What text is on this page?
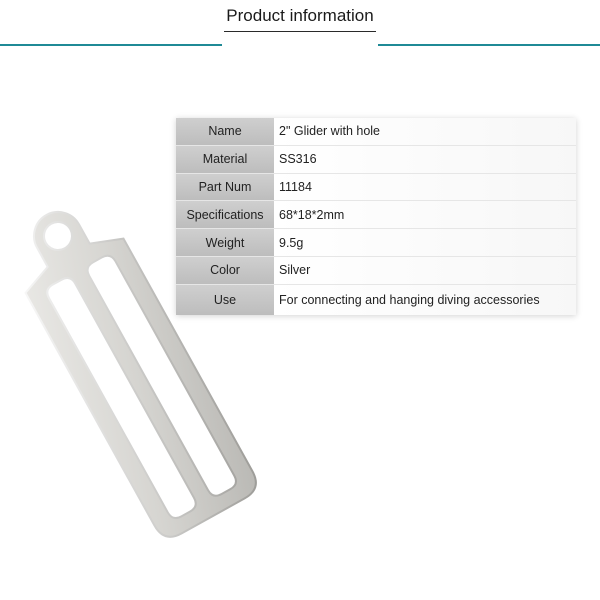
Product information
Name	2" Glider with hole
Material	SS316
Part Num	11184
Specifications	68*18*2mm
Weight	9.5g
Color	Silver
Use	For connecting and hanging diving accessories
